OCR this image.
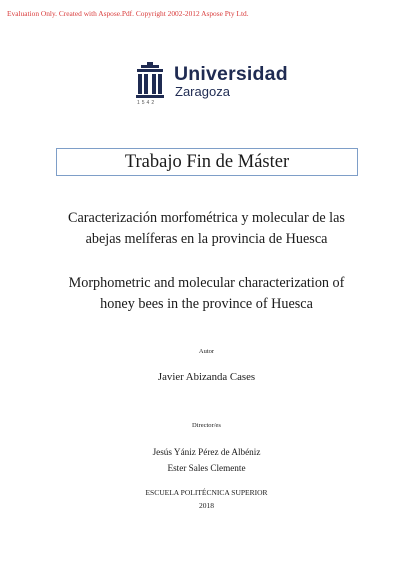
Evaluation Only. Created with Aspose.Pdf. Copyright 2002-2012 Aspose Pty Ltd.
1542
Universidad
Zaragoza
Trabajo Fin de Máster
Caracterización morfométrica y molecular de las
abejas melíferas en la provincia de Huesca
Morphometric and molecular characterization of
honey bees in the province of Huesca
Autor
Javier Abizanda Cases
Director/es
Jesús Yániz Pérez de Albéniz
Ester Sales Clemente
ESCUELA POLITÉCNICA SUPERIOR
2018
